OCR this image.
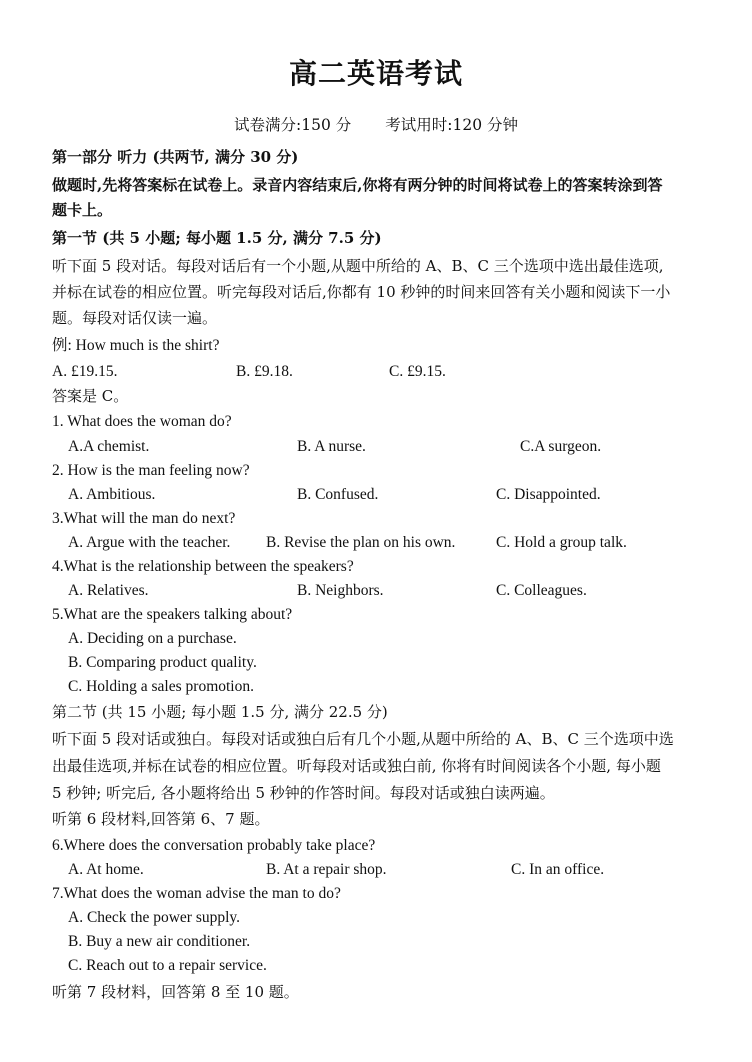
高二英语考试
试卷满分:150 分 考试用时:120 分钟
第一部分 听力 (共两节, 满分 30 分)
做题时,先将答案标在试卷上。录音内容结束后,你将有两分钟的时间将试卷上的答案转涂到答
题卡上。
第一节 (共 5 小题; 每小题 1.5 分, 满分 7.5 分)
听下面 5 段对话。每段对话后有一个小题,从题中所给的 A、B、C 三个选项中选出最佳选项,
并标在试卷的相应位置。听完每段对话后,你都有 10 秒钟的时间来回答有关小题和阅读下一小
题。每段对话仅读一遍。
例: How much is the shirt?
A. £19.15.	B. £9.18.	C. £9.15.
答案是 C。
1. What does the woman do?
A.A chemist.	B. A nurse.	C.A surgeon.
2. How is the man feeling now?
A. Ambitious.	B. Confused.	C. Disappointed.
3.What will the man do next?
A. Argue with the teacher. B. Revise the plan on his own.	C. Hold a group talk.
4.What is the relationship between the speakers?
A. Relatives.	B. Neighbors.	C. Colleagues.
5.What are the speakers talking about?
A. Deciding on a purchase.
B. Comparing product quality.
C. Holding a sales promotion.
第二节 (共 15 小题; 每小题 1.5 分, 满分 22.5 分)
听下面 5 段对话或独白。每段对话或独白后有几个小题,从题中所给的 A、B、C 三个选项中选
出最佳选项,并标在试卷的相应位置。听每段对话或独白前, 你将有时间阅读各个小题, 每小题
5 秒钟; 听完后, 各小题将给出 5 秒钟的作答时间。每段对话或独白读两遍。
听第 6 段材料,回答第 6、7 题。
6.Where does the conversation probably take place?
A. At home.	B. At a repair shop.	C. In an office.
7.What does the woman advise the man to do?
A. Check the power supply.
B. Buy a new air conditioner.
C. Reach out to a repair service.
听第 7 段材料，回答第 8 至 10 题。
